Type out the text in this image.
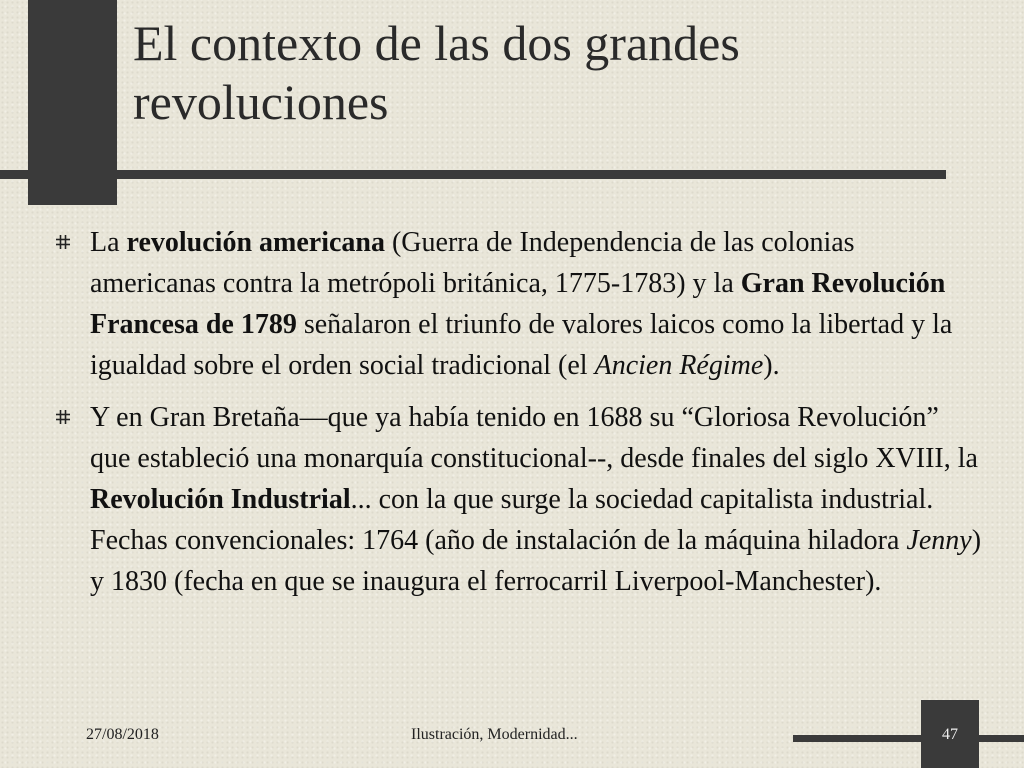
El contexto de las dos grandes revoluciones

La revolución americana (Guerra de Independencia de las colonias americanas contra la metrópoli británica, 1775-1783) y la Gran Revolución Francesa de 1789 señalaron el triunfo de valores laicos como la libertad y la igualdad sobre el orden social tradicional (el Ancien Régime).

Y en Gran Bretaña—que ya había tenido en 1688 su “Gloriosa Revolución” que estableció una monarquía constitucional--, desde finales del siglo XVIII, la Revolución Industrial... con la que surge la sociedad capitalista industrial. Fechas convencionales: 1764 (año de instalación de la máquina hiladora Jenny) y 1830 (fecha en que se inaugura el ferrocarril Liverpool-Manchester).

27/08/2018	Ilustración, Modernidad...	47
